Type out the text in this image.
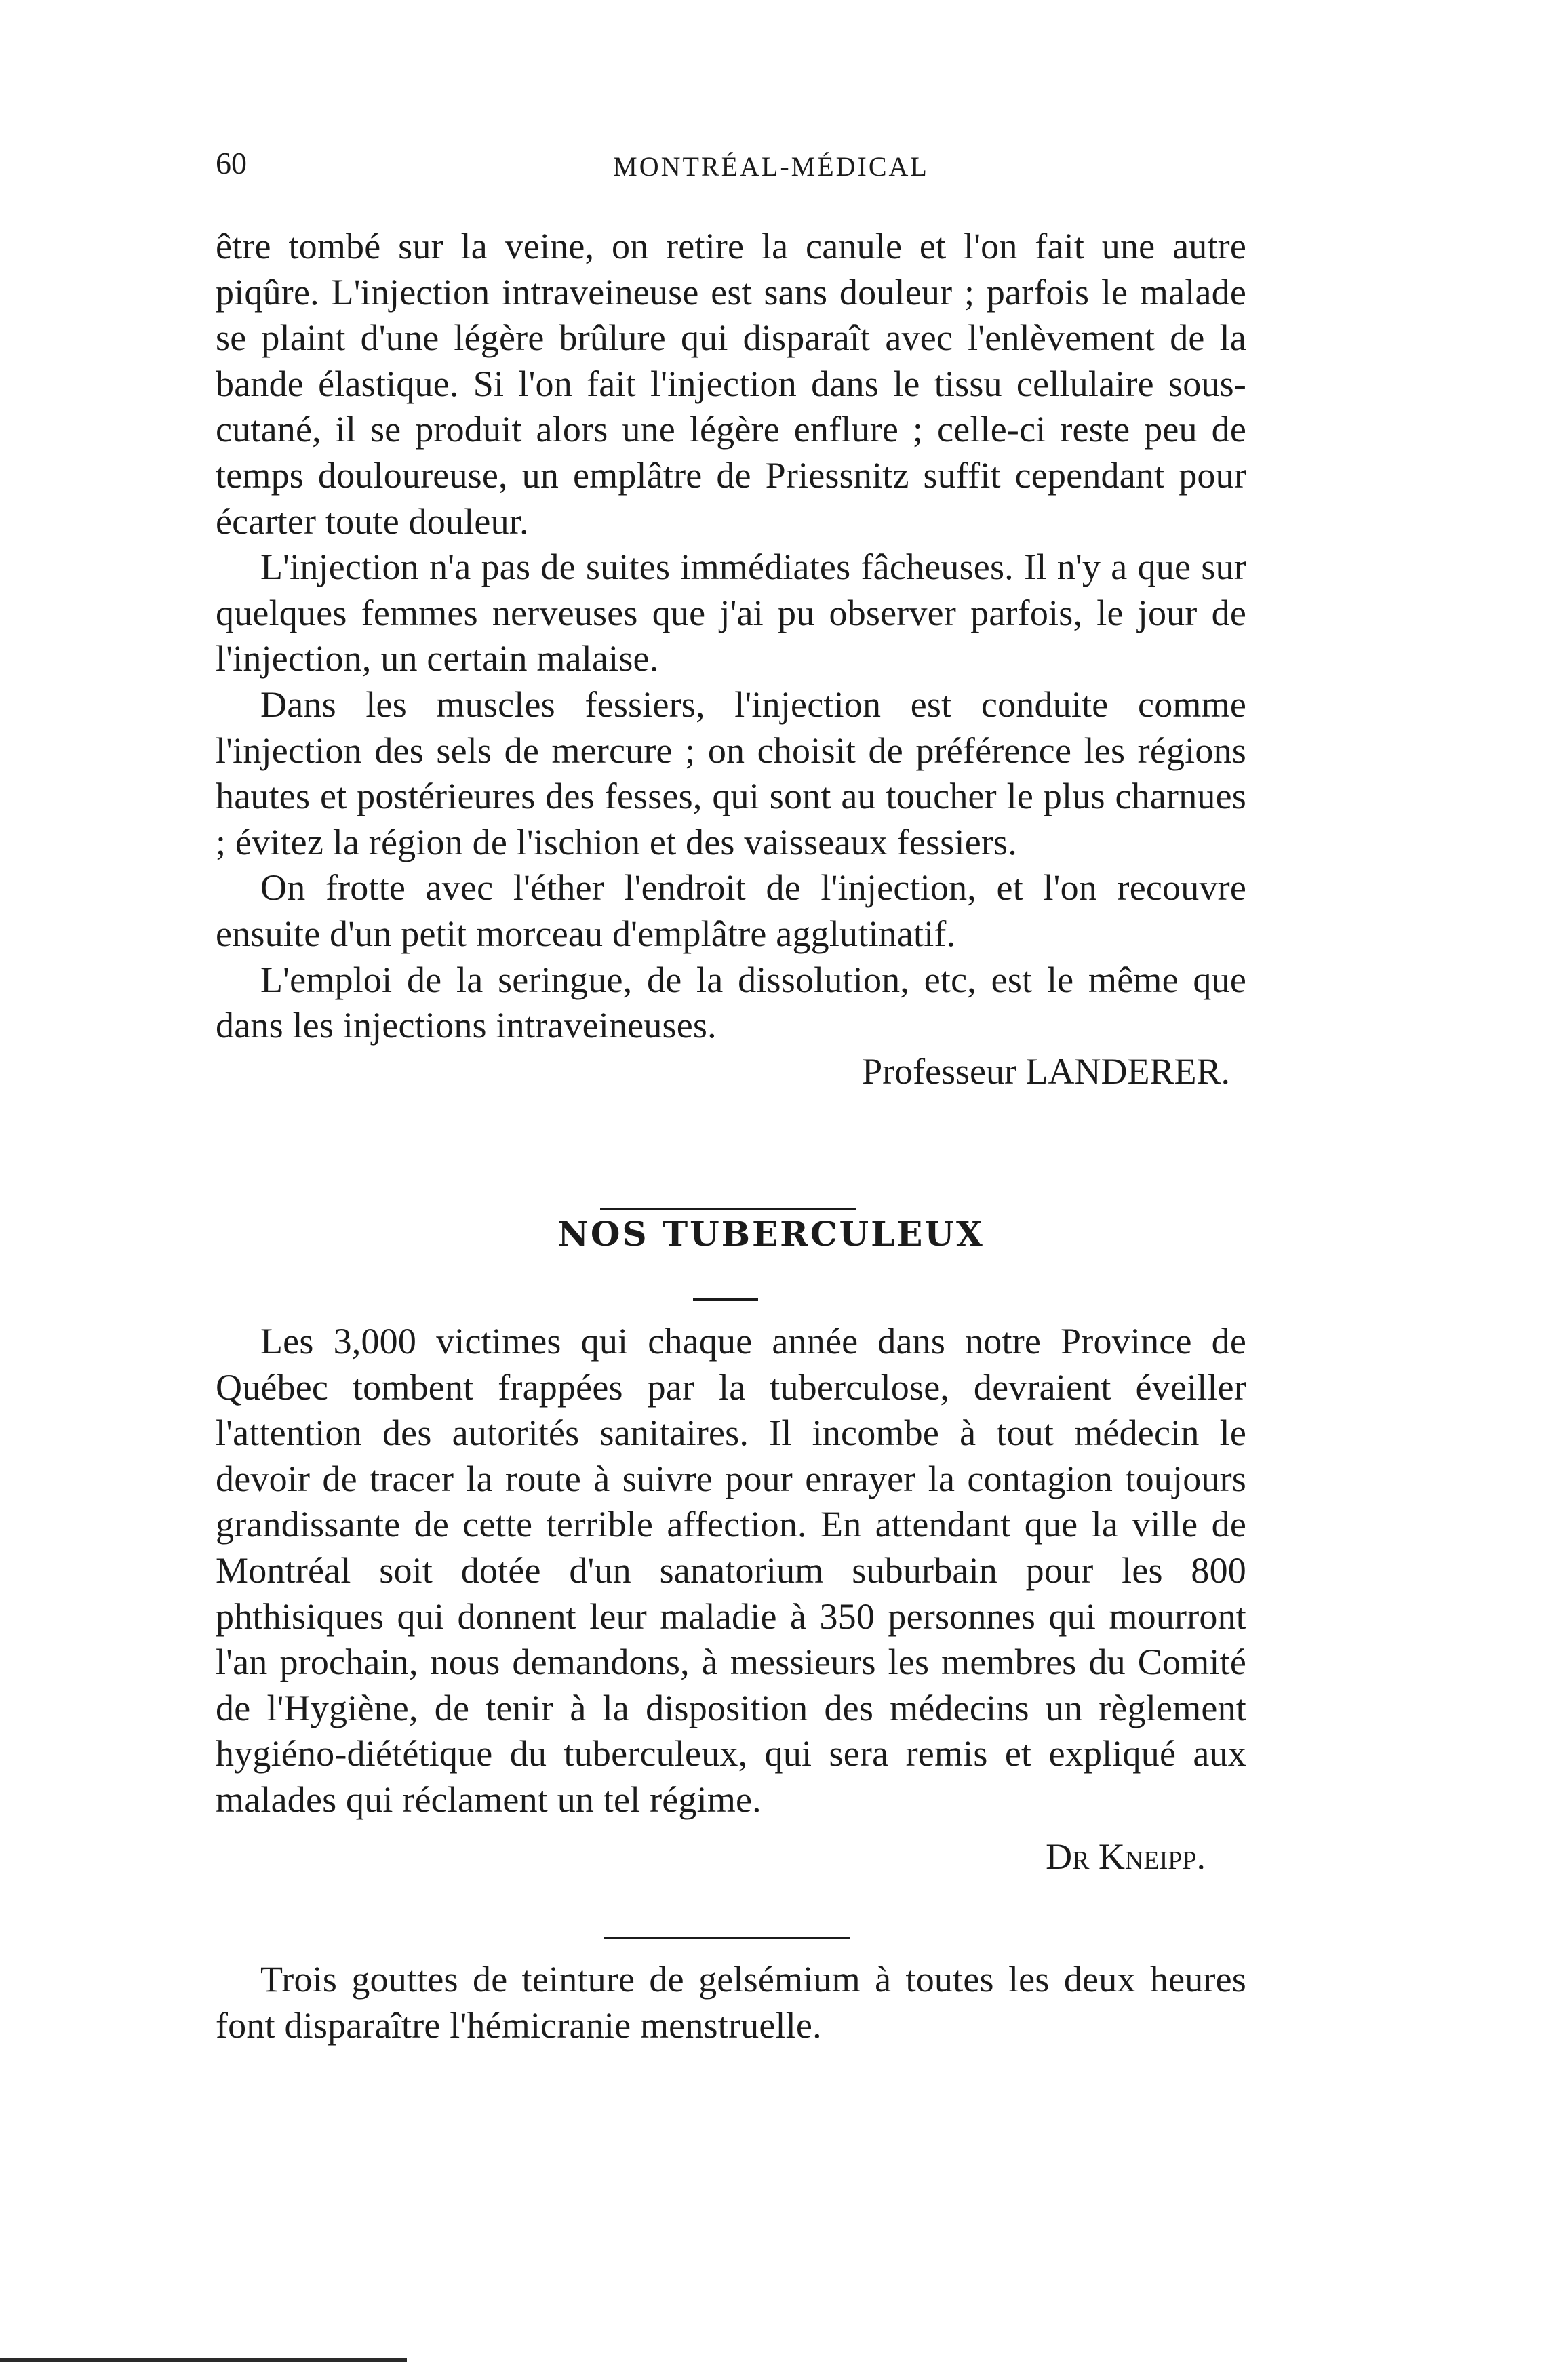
60	MONTRÉAL-MÉDICAL

être tombé sur la veine, on retire la canule et l'on fait une autre piqûre. L'injection intraveineuse est sans douleur ; parfois le malade se plaint d'une légère brûlure qui disparaît avec l'enlèvement de la bande élastique. Si l'on fait l'injection dans le tissu cellulaire sous-cutané, il se produit alors une légère enflure ; celle-ci reste peu de temps douloureuse, un emplâtre de Priessnitz suffit cependant pour écarter toute douleur.

L'injection n'a pas de suites immédiates fâcheuses. Il n'y a que sur quelques femmes nerveuses que j'ai pu observer parfois, le jour de l'injection, un certain malaise.

Dans les muscles fessiers, l'injection est conduite comme l'injection des sels de mercure ; on choisit de préférence les régions hautes et postérieures des fesses, qui sont au toucher le plus charnues ; évitez la région de l'ischion et des vaisseaux fessiers.

On frotte avec l'éther l'endroit de l'injection, et l'on recouvre ensuite d'un petit morceau d'emplâtre agglutinatif.

L'emploi de la seringue, de la dissolution, etc, est le même que dans les injections intraveineuses.

Professeur LANDERER.
NOS TUBERCULEUX

Les 3,000 victimes qui chaque année dans notre Province de Québec tombent frappées par la tuberculose, devraient éveiller l'attention des autorités sanitaires. Il incombe à tout médecin le devoir de tracer la route à suivre pour enrayer la contagion toujours grandissante de cette terrible affection. En attendant que la ville de Montréal soit dotée d'un sanatorium suburbain pour les 800 phthisiques qui donnent leur maladie à 350 personnes qui mourront l'an prochain, nous demandons, à messieurs les membres du Comité de l'Hygiène, de tenir à la disposition des médecins un règlement hygiéno-diététique du tuberculeux, qui sera remis et expliqué aux malades qui réclament un tel régime.

Dr Kneipp.

Trois gouttes de teinture de gelsémium à toutes les deux heures font disparaître l'hémicranie menstruelle.
